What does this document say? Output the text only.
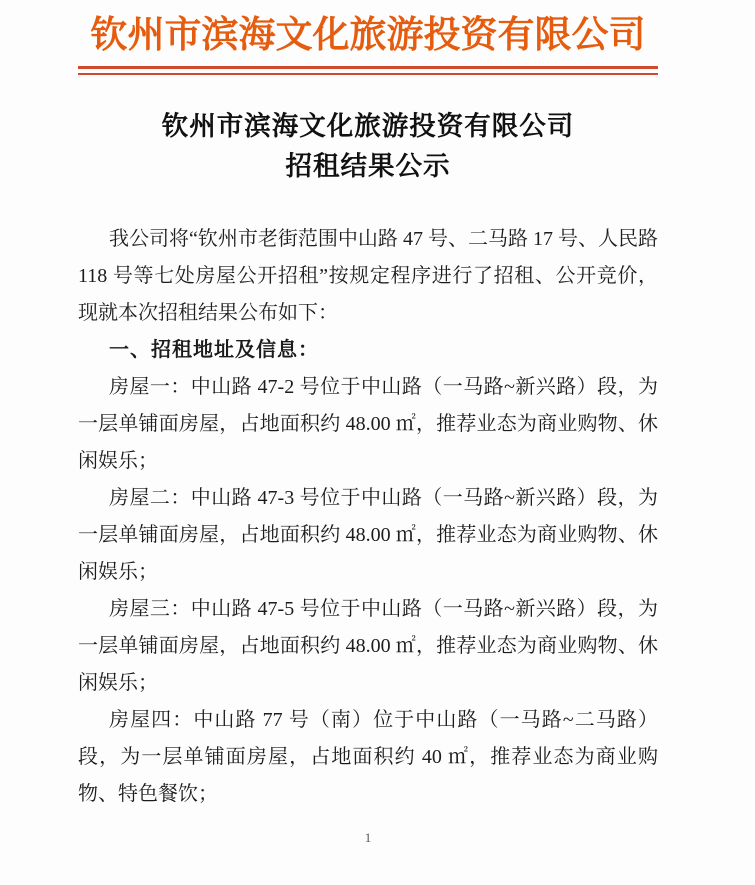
钦州市滨海文化旅游投资有限公司
钦州市滨海文化旅游投资有限公司
招租结果公示

我公司将“钦州市老街范围中山路 47 号、二马路 17 号、人民路 118 号等七处房屋公开招租”按规定程序进行了招租、公开竞价，现就本次招租结果公布如下：

一、招租地址及信息：

房屋一：中山路 47-2 号位于中山路（一马路~新兴路）段，为一层单铺面房屋，占地面积约 48.00 ㎡，推荐业态为商业购物、休闲娱乐；

房屋二：中山路 47-3 号位于中山路（一马路~新兴路）段，为一层单铺面房屋，占地面积约 48.00 ㎡，推荐业态为商业购物、休闲娱乐；

房屋三：中山路 47-5 号位于中山路（一马路~新兴路）段，为一层单铺面房屋，占地面积约 48.00 ㎡，推荐业态为商业购物、休闲娱乐；

房屋四：中山路 77 号（南）位于中山路（一马路~二马路）段，为一层单铺面房屋，占地面积约 40 ㎡，推荐业态为商业购物、特色餐饮；

1
